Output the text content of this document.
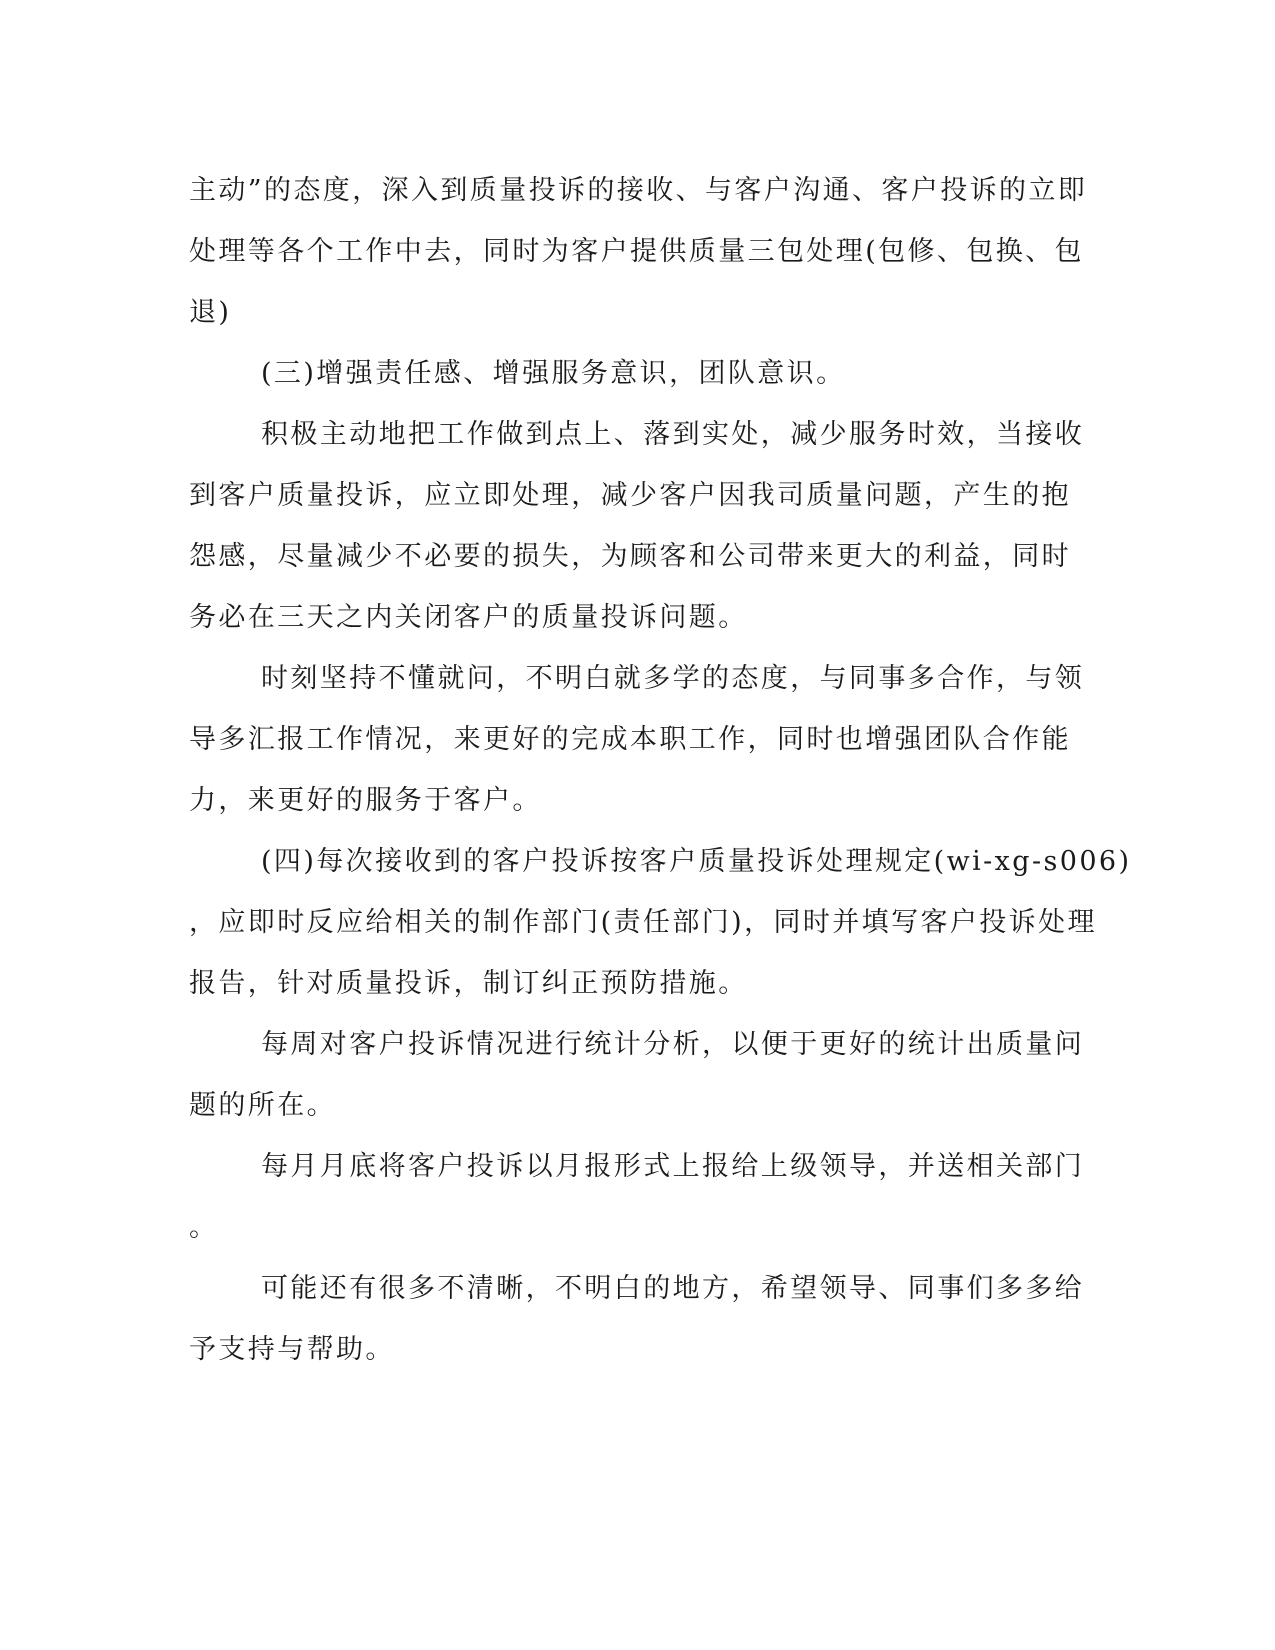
主动”的态度，深入到质量投诉的接收、与客户沟通、客户投诉的立即
处理等各个工作中去，同时为客户提供质量三包处理(包修、包换、包
退)
(三)增强责任感、增强服务意识，团队意识。
积极主动地把工作做到点上、落到实处，减少服务时效，当接收
到客户质量投诉，应立即处理，减少客户因我司质量问题，产生的抱
怨感，尽量减少不必要的损失，为顾客和公司带来更大的利益，同时
务必在三天之内关闭客户的质量投诉问题。
时刻坚持不懂就问，不明白就多学的态度，与同事多合作，与领
导多汇报工作情况，来更好的完成本职工作，同时也增强团队合作能
力，来更好的服务于客户。
(四)每次接收到的客户投诉按客户质量投诉处理规定(wi-xg-s006)
，应即时反应给相关的制作部门(责任部门)，同时并填写客户投诉处理
报告，针对质量投诉，制订纠正预防措施。
每周对客户投诉情况进行统计分析，以便于更好的统计出质量问
题的所在。
每月月底将客户投诉以月报形式上报给上级领导，并送相关部门
。
可能还有很多不清晰，不明白的地方，希望领导、同事们多多给
予支持与帮助。
